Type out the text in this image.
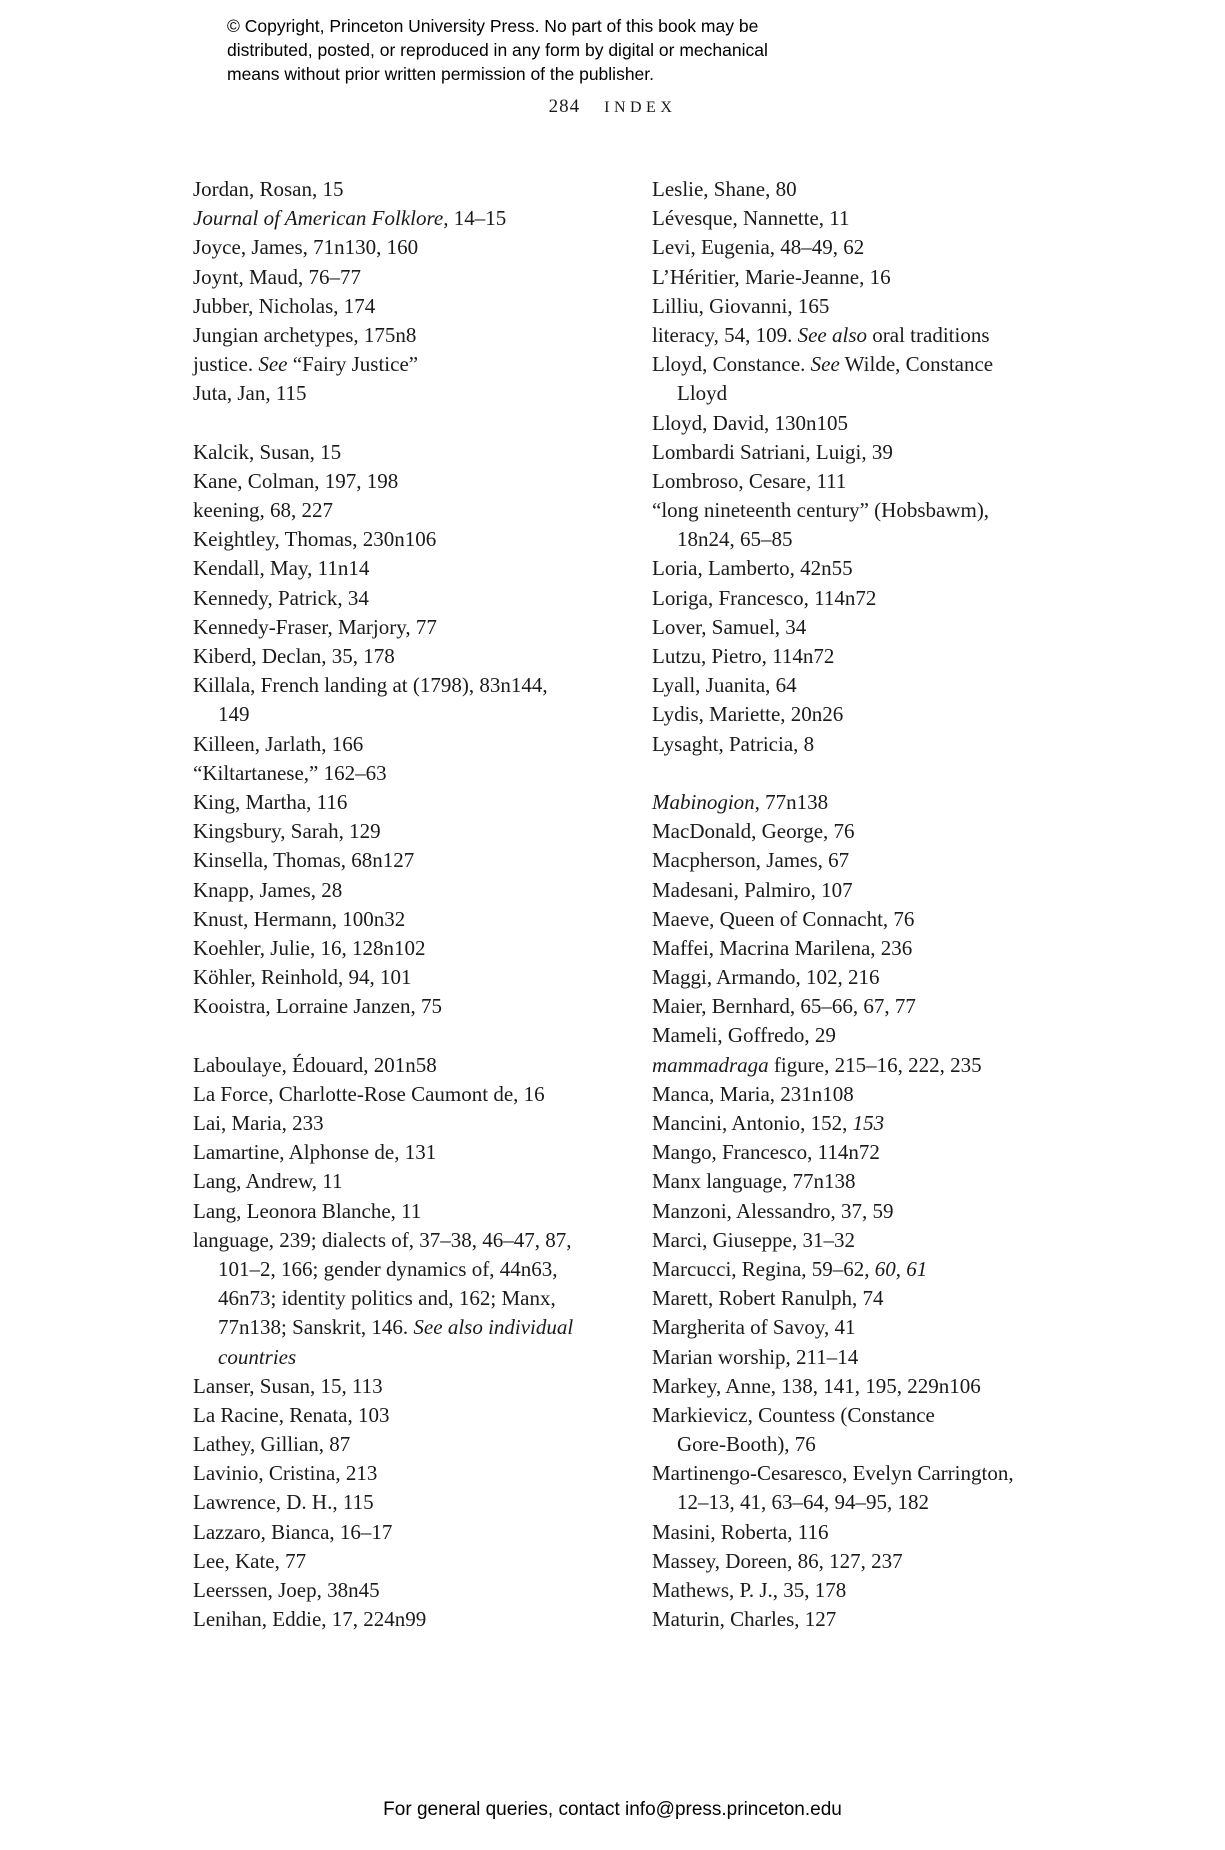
© Copyright, Princeton University Press. No part of this book may be
distributed, posted, or reproduced in any form by digital or mechanical
means without prior written permission of the publisher.
284 INDEX
Jordan, Rosan, 15
Journal of American Folklore, 14–15
Joyce, James, 71n130, 160
Joynt, Maud, 76–77
Jubber, Nicholas, 174
Jungian archetypes, 175n8
justice. See “Fairy Justice”
Juta, Jan, 115
Kalcik, Susan, 15
Kane, Colman, 197, 198
keening, 68, 227
Keightley, Thomas, 230n106
Kendall, May, 11n14
Kennedy, Patrick, 34
Kennedy-Fraser, Marjory, 77
Kiberd, Declan, 35, 178
Killala, French landing at (1798), 83n144,
149
Killeen, Jarlath, 166
“Kiltartanese,” 162–63
King, Martha, 116
Kingsbury, Sarah, 129
Kinsella, Thomas, 68n127
Knapp, James, 28
Knust, Hermann, 100n32
Koehler, Julie, 16, 128n102
Köhler, Reinhold, 94, 101
Kooistra, Lorraine Janzen, 75
Laboulaye, Édouard, 201n58
La Force, Charlotte-Rose Caumont de, 16
Lai, Maria, 233
Lamartine, Alphonse de, 131
Lang, Andrew, 11
Lang, Leonora Blanche, 11
language, 239; dialects of, 37–38, 46–47, 87,
101–2, 166; gender dynamics of, 44n63,
46n73; identity politics and, 162; Manx,
77n138; Sanskrit, 146. See also individual
countries
Lanser, Susan, 15, 113
La Racine, Renata, 103
Lathey, Gillian, 87
Lavinio, Cristina, 213
Lawrence, D. H., 115
Lazzaro, Bianca, 16–17
Lee, Kate, 77
Leerssen, Joep, 38n45
Lenihan, Eddie, 17, 224n99
Leslie, Shane, 80
Lévesque, Nannette, 11
Levi, Eugenia, 48–49, 62
L’Héritier, Marie-Jeanne, 16
Lilliu, Giovanni, 165
literacy, 54, 109. See also oral traditions
Lloyd, Constance. See Wilde, Constance
Lloyd
Lloyd, David, 130n105
Lombardi Satriani, Luigi, 39
Lombroso, Cesare, 111
“long nineteenth century” (Hobsbawm),
18n24, 65–85
Loria, Lamberto, 42n55
Loriga, Francesco, 114n72
Lover, Samuel, 34
Lutzu, Pietro, 114n72
Lyall, Juanita, 64
Lydis, Mariette, 20n26
Lysaght, Patricia, 8
Mabinogion, 77n138
MacDonald, George, 76
Macpherson, James, 67
Madesani, Palmiro, 107
Maeve, Queen of Connacht, 76
Maffei, Macrina Marilena, 236
Maggi, Armando, 102, 216
Maier, Bernhard, 65–66, 67, 77
Mameli, Goffredo, 29
mammadraga figure, 215–16, 222, 235
Manca, Maria, 231n108
Mancini, Antonio, 152, 153
Mango, Francesco, 114n72
Manx language, 77n138
Manzoni, Alessandro, 37, 59
Marci, Giuseppe, 31–32
Marcucci, Regina, 59–62, 60, 61
Marett, Robert Ranulph, 74
Margherita of Savoy, 41
Marian worship, 211–14
Markey, Anne, 138, 141, 195, 229n106
Markievicz, Countess (Constance
Gore-Booth), 76
Martinengo-Cesaresco, Evelyn Carrington,
12–13, 41, 63–64, 94–95, 182
Masini, Roberta, 116
Massey, Doreen, 86, 127, 237
Mathews, P. J., 35, 178
Maturin, Charles, 127
For general queries, contact info@press.princeton.edu
